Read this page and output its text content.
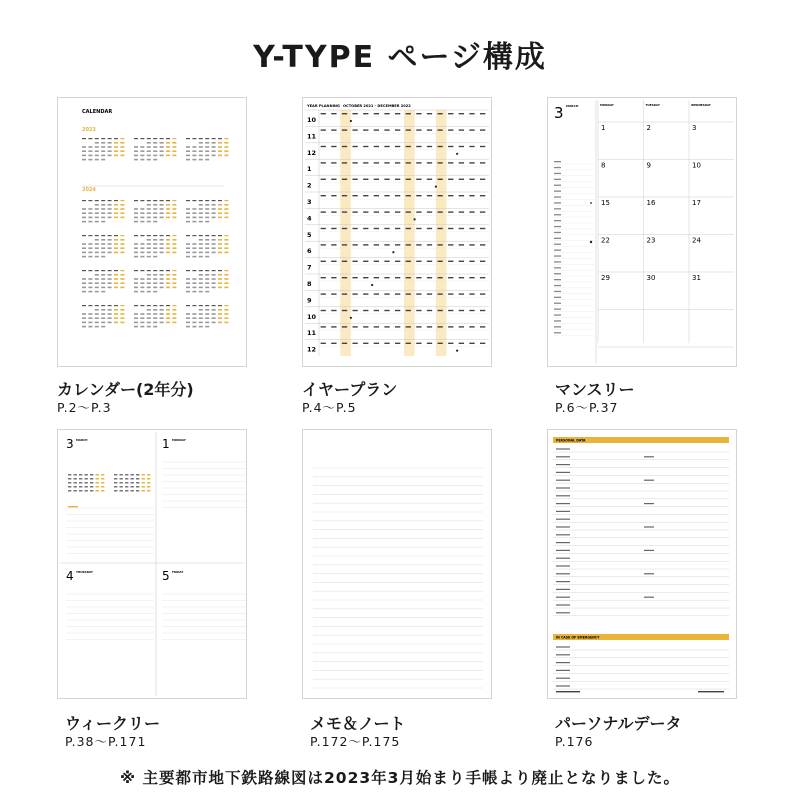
Y-TYPE ページ構成
CALENDAR
2023
2024
カレンダー(2年分)
P.2～P.3
YEAR PLANNING OCTOBER 2021 - DECEMBER 2022
10
11
12
1
2
3
4
5
6
7
8
9
10
11
12
イヤープラン
P.4～P.5
3 MARCH	MONDAY	TUESDAY	WEDNESDAY
1	2	3
8	9	10
15	16	17
22	23	24
29	30	31
マンスリー
P.6～P.37
3 MARCH	1 MONDAY
4 THURSDAY	5 FRIDAY
ウィークリー
P.38～P.171
メモ＆ノート
P.172～P.175
PERSONAL DATA
IN CASE OF EMERGENCY
パーソナルデータ
P.176
※ 主要都市地下鉄路線図は2023年3月始まり手帳より廃止となりました。
